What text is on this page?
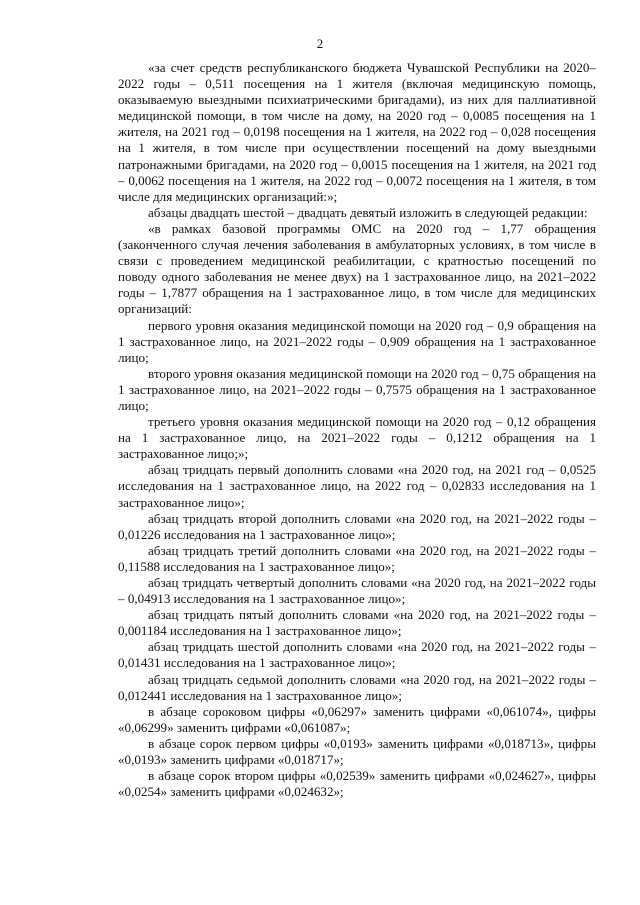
2

«за счет средств республиканского бюджета Чувашской Республики на 2020–2022 годы – 0,511 посещения на 1 жителя (включая медицинскую помощь, оказываемую выездными психиатрическими бригадами), из них для паллиативной медицинской помощи, в том числе на дому, на 2020 год – 0,0085 посещения на 1 жителя, на 2021 год – 0,0198 посещения на 1 жителя, на 2022 год – 0,028 посещения на 1 жителя, в том числе при осуществлении посещений на дому выездными патронажными бригадами, на 2020 год – 0,0015 посещения на 1 жителя, на 2021 год – 0,0062 посещения на 1 жителя, на 2022 год – 0,0072 посещения на 1 жителя, в том числе для медицинских организаций:»;

абзацы двадцать шестой – двадцать девятый изложить в следующей редакции:

«в рамках базовой программы ОМС на 2020 год – 1,77 обращения (законченного случая лечения заболевания в амбулаторных условиях, в том числе в связи с проведением медицинской реабилитации, с кратностью посещений по поводу одного заболевания не менее двух) на 1 застрахованное лицо, на 2021–2022 годы – 1,7877 обращения на 1 застрахованное лицо, в том числе для медицинских организаций:

первого уровня оказания медицинской помощи на 2020 год – 0,9 обращения на 1 застрахованное лицо, на 2021–2022 годы – 0,909 обращения на 1 застрахованное лицо;

второго уровня оказания медицинской помощи на 2020 год – 0,75 обращения на 1 застрахованное лицо, на 2021–2022 годы – 0,7575 обращения на 1 застрахованное лицо;

третьего уровня оказания медицинской помощи на 2020 год – 0,12 обращения на 1 застрахованное лицо, на 2021–2022 годы – 0,1212 обращения на 1 застрахованное лицо;»;

абзац тридцать первый дополнить словами «на 2020 год, на 2021 год – 0,0525 исследования на 1 застрахованное лицо, на 2022 год – 0,02833 исследования на 1 застрахованное лицо»;

абзац тридцать второй дополнить словами «на 2020 год, на 2021–2022 годы – 0,01226 исследования на 1 застрахованное лицо»;

абзац тридцать третий дополнить словами «на 2020 год, на 2021–2022 годы – 0,11588 исследования на 1 застрахованное лицо»;

абзац тридцать четвертый дополнить словами «на 2020 год, на 2021–2022 годы – 0,04913 исследования на 1 застрахованное лицо»;

абзац тридцать пятый дополнить словами «на 2020 год, на 2021–2022 годы – 0,001184 исследования на 1 застрахованное лицо»;

абзац тридцать шестой дополнить словами «на 2020 год, на 2021–2022 годы – 0,01431 исследования на 1 застрахованное лицо»;

абзац тридцать седьмой дополнить словами «на 2020 год, на 2021–2022 годы – 0,012441 исследования на 1 застрахованное лицо»;

в абзаце сороковом цифры «0,06297» заменить цифрами «0,061074», цифры «0,06299» заменить цифрами «0,061087»;

в абзаце сорок первом цифры «0,0193» заменить цифрами «0,018713», цифры «0,0193» заменить цифрами «0,018717»;

в абзаце сорок втором цифры «0,02539» заменить цифрами «0,024627», цифры «0,0254» заменить цифрами «0,024632»;
